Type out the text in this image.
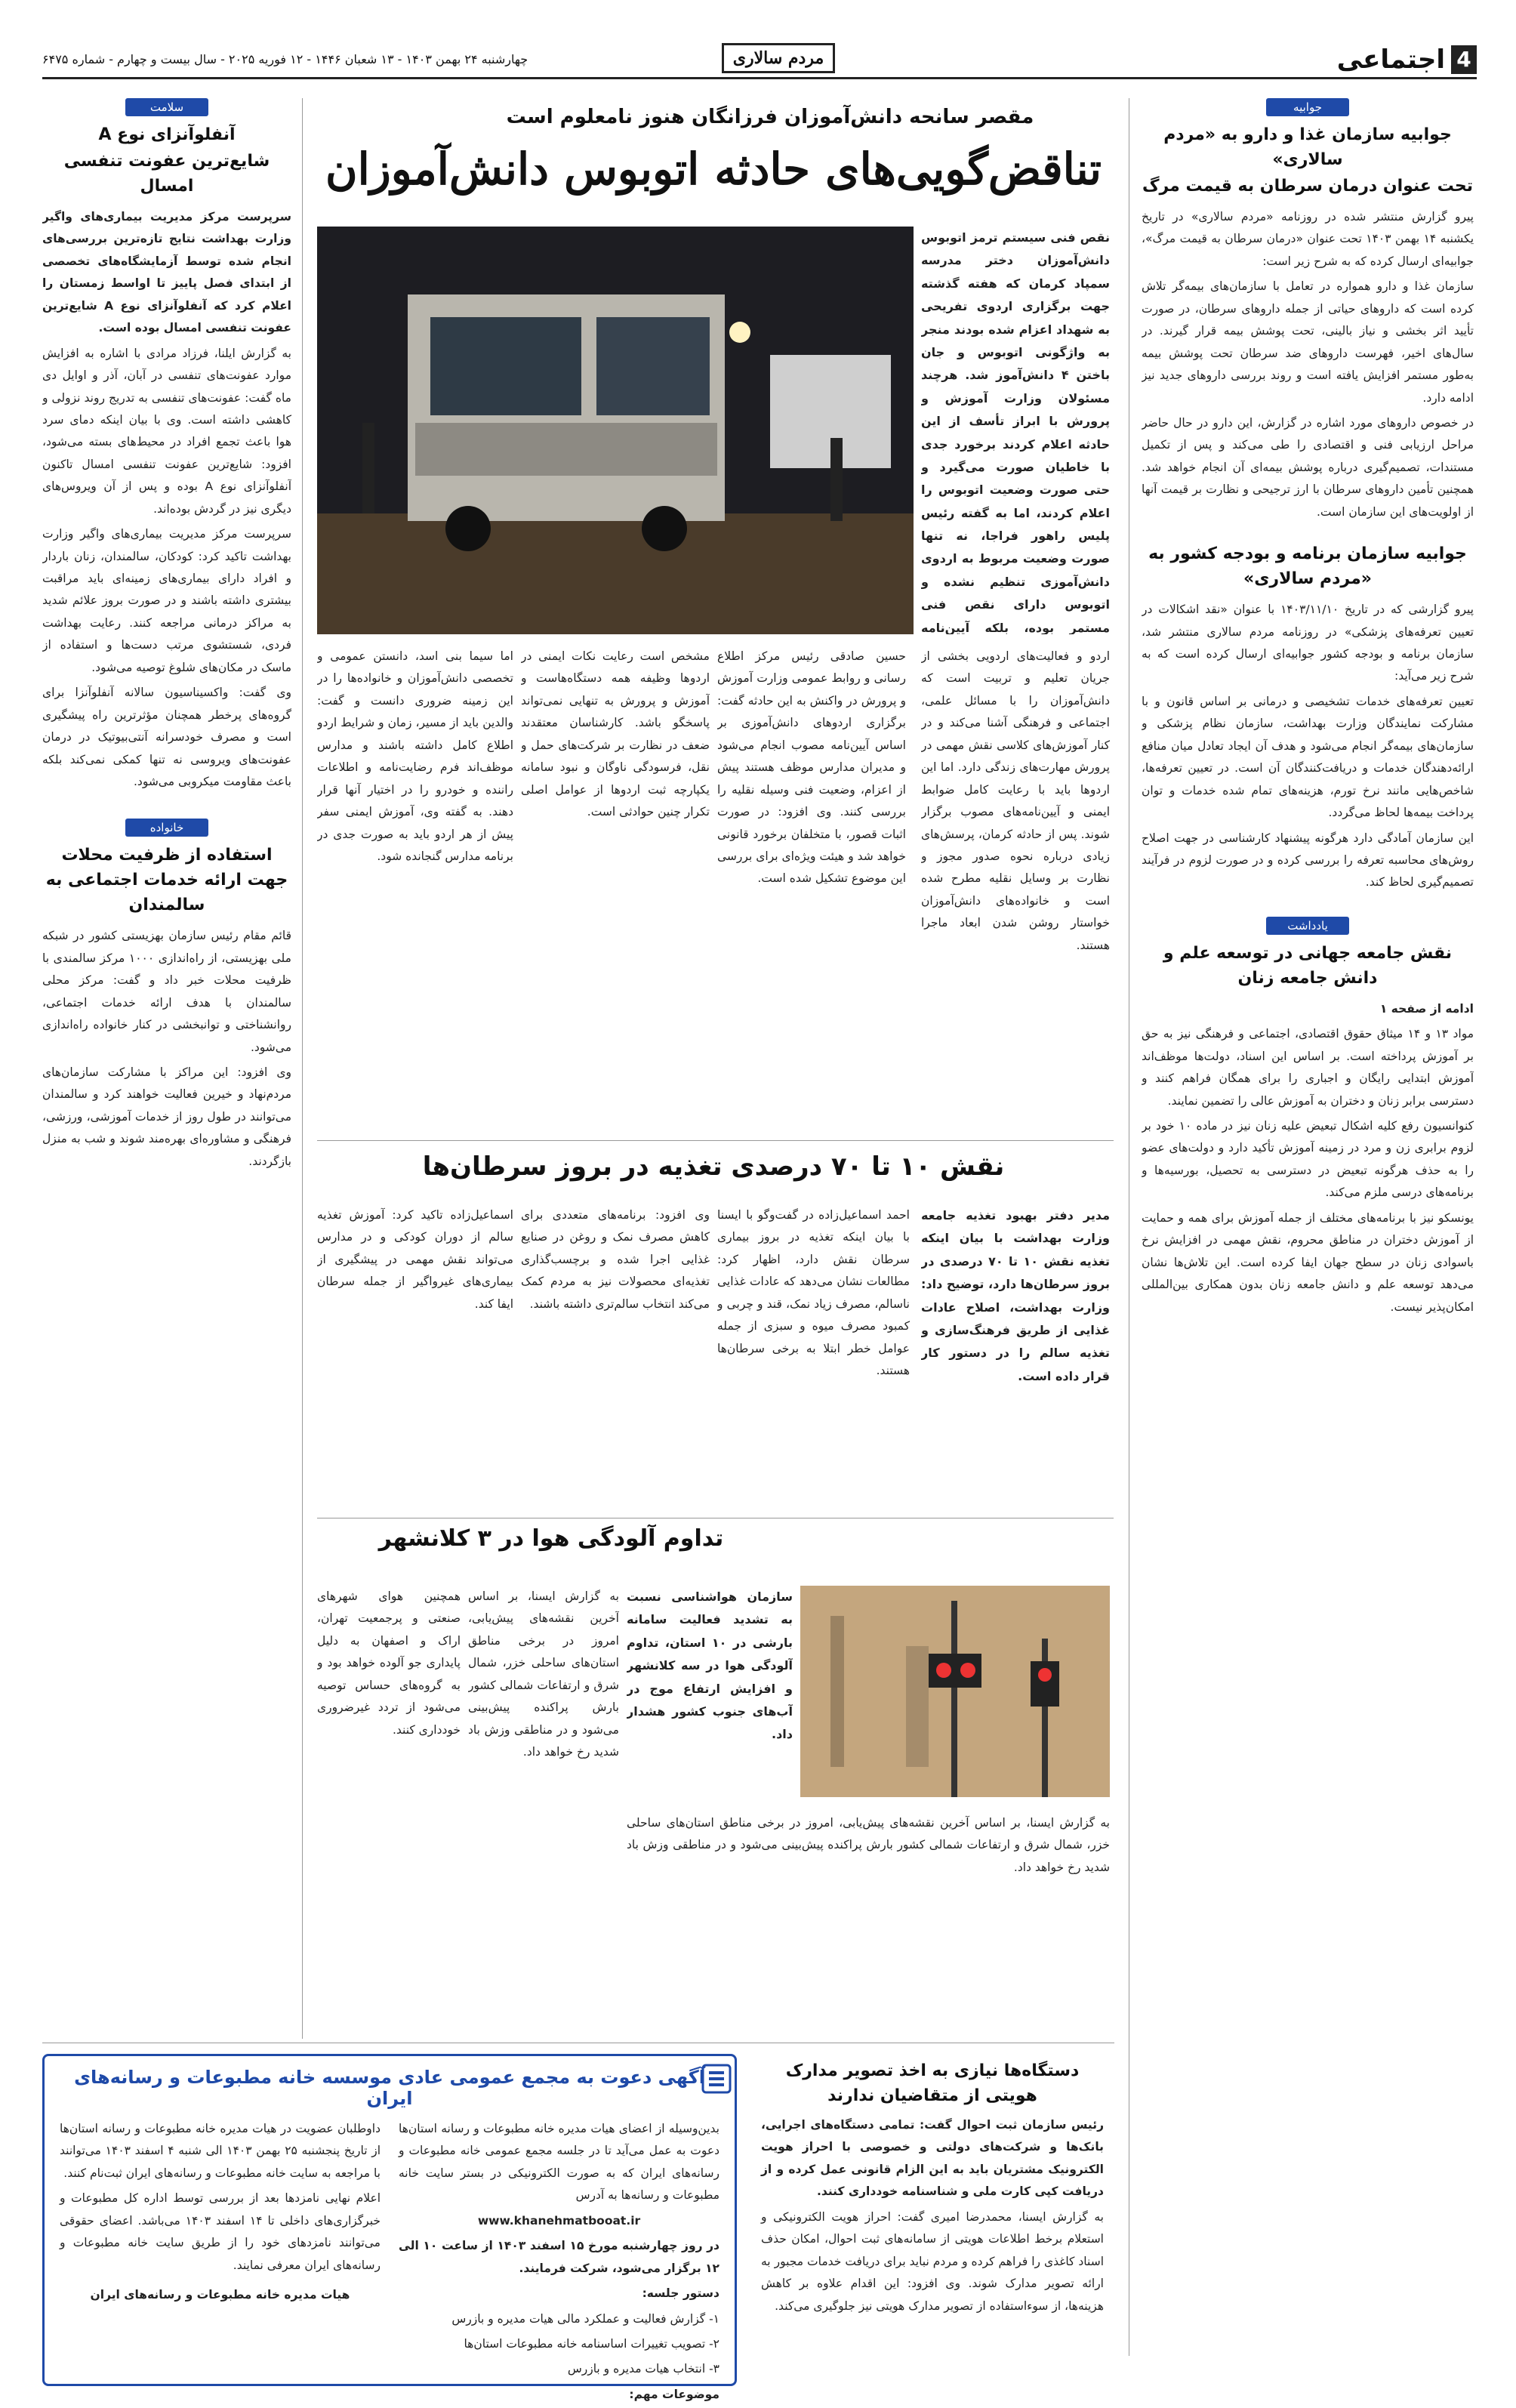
4
اجتماعی
مردم سالاری
چهارشنبه ۲۴ بهمن ۱۴۰۳ - ۱۳ شعبان ۱۴۴۶ - ۱۲ فوریه ۲۰۲۵ - سال بیست و چهارم - شماره ۶۴۷۵
جوابیه
جوابیه سازمان غذا و دارو به «مردم سالاری»
تحت عنوان درمان سرطان به قیمت مرگ

پیرو گزارش منتشر شده در روزنامه «مردم سالاری» در تاریخ یکشنبه ۱۴ بهمن ۱۴۰۳ تحت عنوان «درمان سرطان به قیمت مرگ»، جوابیه‌ای ارسال کرده که به شرح زیر است:

سازمان غذا و دارو همواره در تعامل با سازمان‌های بیمه‌گر تلاش کرده است که داروهای حیاتی از جمله داروهای سرطان، در صورت تأیید اثر بخشی و نیاز بالینی، تحت پوشش بیمه قرار گیرند. در سال‌های اخیر، فهرست داروهای ضد سرطان تحت پوشش بیمه به‌طور مستمر افزایش یافته است و روند بررسی داروهای جدید نیز ادامه دارد.

در خصوص داروهای مورد اشاره در گزارش، این دارو در حال حاضر مراحل ارزیابی فنی و اقتصادی را طی می‌کند و پس از تکمیل مستندات، تصمیم‌گیری درباره پوشش بیمه‌ای آن انجام خواهد شد. همچنین تأمین داروهای سرطان با ارز ترجیحی و نظارت بر قیمت آنها از اولویت‌های این سازمان است.

جوابیه سازمان برنامه و بودجه کشور به «مردم سالاری»

پیرو گزارشی که در تاریخ ۱۴۰۳/۱۱/۱۰ با عنوان «نقد اشکالات در تعیین تعرفه‌های پزشکی» در روزنامه مردم سالاری منتشر شد، سازمان برنامه و بودجه کشور جوابیه‌ای ارسال کرده است که به شرح زیر می‌آید:

تعیین تعرفه‌های خدمات تشخیصی و درمانی بر اساس قانون و با مشارکت نمایندگان وزارت بهداشت، سازمان نظام پزشکی و سازمان‌های بیمه‌گر انجام می‌شود و هدف آن ایجاد تعادل میان منافع ارائه‌دهندگان خدمات و دریافت‌کنندگان آن است. در تعیین تعرفه‌ها، شاخص‌هایی مانند نرخ تورم، هزینه‌های تمام شده خدمات و توان پرداخت بیمه‌ها لحاظ می‌گردد.

این سازمان آمادگی دارد هرگونه پیشنهاد کارشناسی در جهت اصلاح روش‌های محاسبه تعرفه را بررسی کرده و در صورت لزوم در فرآیند تصمیم‌گیری لحاظ کند.

یادداشت
نقش جامعه جهانی در توسعه علم و دانش جامعه زنان

ادامه از صفحه ۱

مواد ۱۳ و ۱۴ میثاق حقوق اقتصادی، اجتماعی و فرهنگی نیز به حق بر آموزش پرداخته است. بر اساس این اسناد، دولت‌ها موظف‌اند آموزش ابتدایی رایگان و اجباری را برای همگان فراهم کنند و دسترسی برابر زنان و دختران به آموزش عالی را تضمین نمایند.

کنوانسیون رفع کلیه اشکال تبعیض علیه زنان نیز در ماده ۱۰ خود بر لزوم برابری زن و مرد در زمینه آموزش تأکید دارد و دولت‌های عضو را به حذف هرگونه تبعیض در دسترسی به تحصیل، بورسیه‌ها و برنامه‌های درسی ملزم می‌کند.

یونسکو نیز با برنامه‌های مختلف از جمله آموزش برای همه و حمایت از آموزش دختران در مناطق محروم، نقش مهمی در افزایش نرخ باسوادی زنان در سطح جهان ایفا کرده است. این تلاش‌ها نشان می‌دهد توسعه علم و دانش جامعه زنان بدون همکاری بین‌المللی امکان‌پذیر نیست.

سلامت
آنفلوآنزای نوع A
شایع‌ترین عفونت تنفسی امسال

سرپرست مرکز مدیریت بیماری‌های واگیر وزارت بهداشت نتایج تازه‌ترین بررسی‌های انجام شده توسط آزمایشگاه‌های تخصصی از ابتدای فصل پاییز تا اواسط زمستان را اعلام کرد که آنفلوآنزای نوع A شایع‌ترین عفونت تنفسی امسال بوده است.

به گزارش ایلنا، فرزاد مرادی با اشاره به افزایش موارد عفونت‌های تنفسی در آبان، آذر و اوایل دی ماه گفت: عفونت‌های تنفسی به تدریج روند نزولی و کاهشی داشته است. وی با بیان اینکه دمای سرد هوا باعث تجمع افراد در محیط‌های بسته می‌شود، افزود: شایع‌ترین عفونت تنفسی امسال تاکنون آنفلوآنزای نوع A بوده و پس از آن ویروس‌های دیگری نیز در گردش بوده‌اند.

سرپرست مرکز مدیریت بیماری‌های واگیر وزارت بهداشت تاکید کرد: کودکان، سالمندان، زنان باردار و افراد دارای بیماری‌های زمینه‌ای باید مراقبت بیشتری داشته باشند و در صورت بروز علائم شدید به مراکز درمانی مراجعه کنند. رعایت بهداشت فردی، شستشوی مرتب دست‌ها و استفاده از ماسک در مکان‌های شلوغ توصیه می‌شود.

وی گفت: واکسیناسیون سالانه آنفلوآنزا برای گروه‌های پرخطر همچنان مؤثرترین راه پیشگیری است و مصرف خودسرانه آنتی‌بیوتیک در درمان عفونت‌های ویروسی نه تنها کمکی نمی‌کند بلکه باعث مقاومت میکروبی می‌شود.

خانواده
استفاده از ظرفیت محلات جهت ارائه خدمات اجتماعی به سالمندان

قائم مقام رئیس سازمان بهزیستی کشور در شبکه ملی بهزیستی، از راه‌اندازی ۱۰۰۰ مرکز سالمندی با ظرفیت محلات خبر داد و گفت: مرکز محلی سالمندان با هدف ارائه خدمات اجتماعی، روانشناختی و توانبخشی در کنار خانواده راه‌اندازی می‌شود.

وی افزود: این مراکز با مشارکت سازمان‌های مردم‌نهاد و خیرین فعالیت خواهند کرد و سالمندان می‌توانند در طول روز از خدمات آموزشی، ورزشی، فرهنگی و مشاوره‌ای بهره‌مند شوند و شب به منزل بازگردند.

مقصر سانحه دانش‌آموزان فرزانگان هنوز نامعلوم است
تناقض‌گویی‌های حادثه اتوبوس دانش‌آموزان
نقص فنی سیستم ترمز اتوبوس دانش‌آموزان دختر مدرسه سمپاد کرمان که هفته گذشته جهت برگزاری اردوی تفریحی به شهداد اعزام شده بودند منجر به واژگونی اتوبوس و جان باختن ۴ دانش‌آموز شد. هرچند مسئولان وزارت آموزش و پرورش با ابراز تأسف از این حادثه اعلام کردند برخورد جدی با خاطیان صورت می‌گیرد و حتی صورت وضعیت اتوبوس را اعلام کردند، اما به گفته رئیس پلیس راهور فراجا، نه تنها صورت وضعیت مربوط به اردوی دانش‌آموزی تنظیم نشده و اتوبوس دارای نقص فنی مستمر بوده، بلکه آیین‌نامه
اردو و فعالیت‌های اردویی بخشی از جریان تعلیم و تربیت است که دانش‌آموزان را با مسائل علمی، اجتماعی و فرهنگی آشنا می‌کند و در کنار آموزش‌های کلاسی نقش مهمی در پرورش مهارت‌های زندگی دارد. اما این اردوها باید با رعایت کامل ضوابط ایمنی و آیین‌نامه‌های مصوب برگزار شوند. پس از حادثه کرمان، پرسش‌های زیادی درباره نحوه صدور مجوز و نظارت بر وسایل نقلیه مطرح شده است و خانواده‌های دانش‌آموزان خواستار روشن شدن ابعاد ماجرا هستند.
حسین صادقی رئیس مرکز اطلاع رسانی و روابط عمومی وزارت آموزش و پرورش در واکنش به این حادثه گفت: برگزاری اردوهای دانش‌آموزی بر اساس آیین‌نامه مصوب انجام می‌شود و مدیران مدارس موظف هستند پیش از اعزام، وضعیت فنی وسیله نقلیه را بررسی کنند. وی افزود: در صورت اثبات قصور، با متخلفان برخورد قانونی خواهد شد و هیئت ویژه‌ای برای بررسی این موضوع تشکیل شده است.
مشخص است رعایت نکات ایمنی در اردوها وظیفه همه دستگاه‌هاست و آموزش و پرورش به تنهایی نمی‌تواند پاسخگو باشد. کارشناسان معتقدند ضعف در نظارت بر شرکت‌های حمل و نقل، فرسودگی ناوگان و نبود سامانه یکپارچه ثبت اردوها از عوامل اصلی تکرار چنین حوادثی است.
اما سیما بنی اسد، دانستن عمومی و تخصصی دانش‌آموزان و خانواده‌ها را در این زمینه ضروری دانست و گفت: والدین باید از مسیر، زمان و شرایط اردو اطلاع کامل داشته باشند و مدارس موظف‌اند فرم رضایت‌نامه و اطلاعات راننده و خودرو را در اختیار آنها قرار دهند. به گفته وی، آموزش ایمنی سفر پیش از هر اردو باید به صورت جدی در برنامه مدارس گنجانده شود.
نقش ۱۰ تا ۷۰ درصدی تغذیه در بروز سرطان‌ها
مدیر دفتر بهبود تغذیه جامعه وزارت بهداشت با بیان اینکه تغذیه نقش ۱۰ تا ۷۰ درصدی در بروز سرطان‌ها دارد، توضیح داد: وزارت بهداشت، اصلاح عادات غذایی از طریق فرهنگ‌سازی و تغذیه سالم را در دستور کار قرار داده است.
احمد اسماعیل‌زاده در گفت‌وگو با ایسنا با بیان اینکه تغذیه در بروز بیماری سرطان نقش دارد، اظهار کرد: مطالعات نشان می‌دهد که عادات غذایی ناسالم، مصرف زیاد نمک، قند و چربی و کمبود مصرف میوه و سبزی از جمله عوامل خطر ابتلا به برخی سرطان‌ها هستند.
وی افزود: برنامه‌های متعددی برای کاهش مصرف نمک و روغن در صنایع غذایی اجرا شده و برچسب‌گذاری تغذیه‌ای محصولات نیز به مردم کمک می‌کند انتخاب سالم‌تری داشته باشند.
اسماعیل‌زاده تاکید کرد: آموزش تغذیه سالم از دوران کودکی و در مدارس می‌تواند نقش مهمی در پیشگیری از بیماری‌های غیرواگیر از جمله سرطان ایفا کند.
تداوم آلودگی هوا در ۳ کلانشهر
سازمان هواشناسی نسبت به تشدید فعالیت سامانه بارشی در ۱۰ استان، تداوم آلودگی هوا در سه کلانشهر و افزایش ارتفاع موج در آب‌های جنوب کشور هشدار داد.
به گزارش ایسنا، بر اساس آخرین نقشه‌های پیش‌یابی، امروز در برخی مناطق استان‌های ساحلی خزر، شمال شرق و ارتفاعات شمالی کشور بارش پراکنده پیش‌بینی می‌شود و در مناطقی وزش باد شدید رخ خواهد داد.
همچنین هوای شهرهای صنعتی و پرجمعیت تهران، اراک و اصفهان به دلیل پایداری جو آلوده خواهد بود و به گروه‌های حساس توصیه می‌شود از تردد غیرضروری خودداری کنند.
به گزارش ایسنا، بر اساس آخرین نقشه‌های پیش‌یابی، امروز در برخی مناطق استان‌های ساحلی خزر، شمال شرق و ارتفاعات شمالی کشور بارش پراکنده پیش‌بینی می‌شود و در مناطقی وزش باد شدید رخ خواهد داد.
آگهی دعوت به مجمع عمومی عادی موسسه خانه مطبوعات و رسانه‌های ایران

بدین‌وسیله از اعضای هیات مدیره خانه مطبوعات و رسانه استان‌ها دعوت به عمل می‌آید تا در جلسه مجمع عمومی خانه مطبوعات و رسانه‌های ایران که به صورت الکترونیکی در بستر سایت خانه مطبوعات و رسانه‌ها به آدرس

www.khanehmatbooat.ir

در روز چهارشنبه مورخ ۱۵ اسفند ۱۴۰۳ از ساعت ۱۰ الی ۱۲ برگزار می‌شود، شرکت فرمایند.

دستور جلسه:

۱- گزارش فعالیت و عملکرد مالی هیات مدیره و بازرس

۲- تصویب تغییرات اساسنامه خانه مطبوعات استان‌ها

۳- انتخاب هیات مدیره و بازرس

موضوعات مهم:

داوطلبان عضویت در هیات مدیره خانه مطبوعات و رسانه استان‌ها از تاریخ پنجشنبه ۲۵ بهمن ۱۴۰۳ الی شنبه ۴ اسفند ۱۴۰۳ می‌توانند با مراجعه به سایت خانه مطبوعات و رسانه‌های ایران ثبت‌نام کنند.

اعلام نهایی نامزدها بعد از بررسی توسط اداره کل مطبوعات و خبرگزاری‌های داخلی تا ۱۴ اسفند ۱۴۰۳ می‌باشد. اعضای حقوقی می‌توانند نامزدهای خود را از طریق سایت خانه مطبوعات و رسانه‌های ایران معرفی نمایند.

هیات مدیره خانه مطبوعات و رسانه‌های ایران

دستگاه‌ها نیازی به اخذ تصویر مدارک هویتی از متقاضیان ندارند

رئیس سازمان ثبت احوال گفت: تمامی دستگاه‌های اجرایی، بانک‌ها و شرکت‌های دولتی و خصوصی با احراز هویت الکترونیک مشتریان باید به این الزام قانونی عمل کرده و از دریافت کپی کارت ملی و شناسنامه خودداری کنند.

به گزارش ایسنا، محمدرضا امیری گفت: احراز هویت الکترونیکی و استعلام برخط اطلاعات هویتی از سامانه‌های ثبت احوال، امکان حذف اسناد کاغذی را فراهم کرده و مردم نباید برای دریافت خدمات مجبور به ارائه تصویر مدارک شوند. وی افزود: این اقدام علاوه بر کاهش هزینه‌ها، از سوءاستفاده از تصویر مدارک هویتی نیز جلوگیری می‌کند.
